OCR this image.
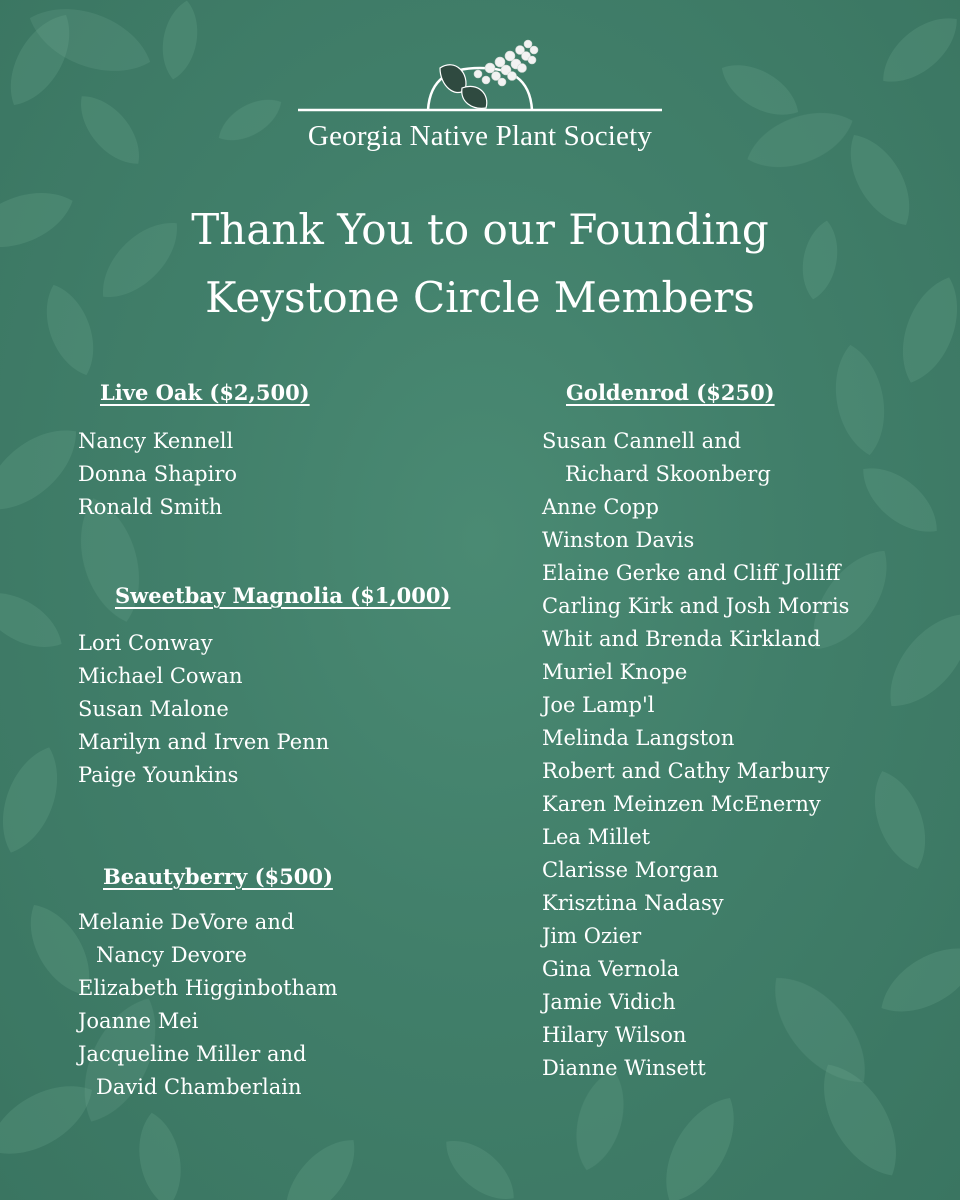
Georgia Native Plant Society
Thank You to our Founding
Keystone Circle Members
Live Oak ($2,500)
Nancy Kennell
Donna Shapiro
Ronald Smith
Sweetbay Magnolia ($1,000)
Lori Conway
Michael Cowan
Susan Malone
Marilyn and Irven Penn
Paige Younkins
Beautyberry ($500)
Melanie DeVore and
Nancy Devore
Elizabeth Higginbotham
Joanne Mei
Jacqueline Miller and
David Chamberlain
Goldenrod ($250)
Susan Cannell and
Richard Skoonberg
Anne Copp
Winston Davis
Elaine Gerke and Cliff Jolliff
Carling Kirk and Josh Morris
Whit and Brenda Kirkland
Muriel Knope
Joe Lamp'l
Melinda Langston
Robert and Cathy Marbury
Karen Meinzen McEnerny
Lea Millet
Clarisse Morgan
Krisztina Nadasy
Jim Ozier
Gina Vernola
Jamie Vidich
Hilary Wilson
Dianne Winsett
